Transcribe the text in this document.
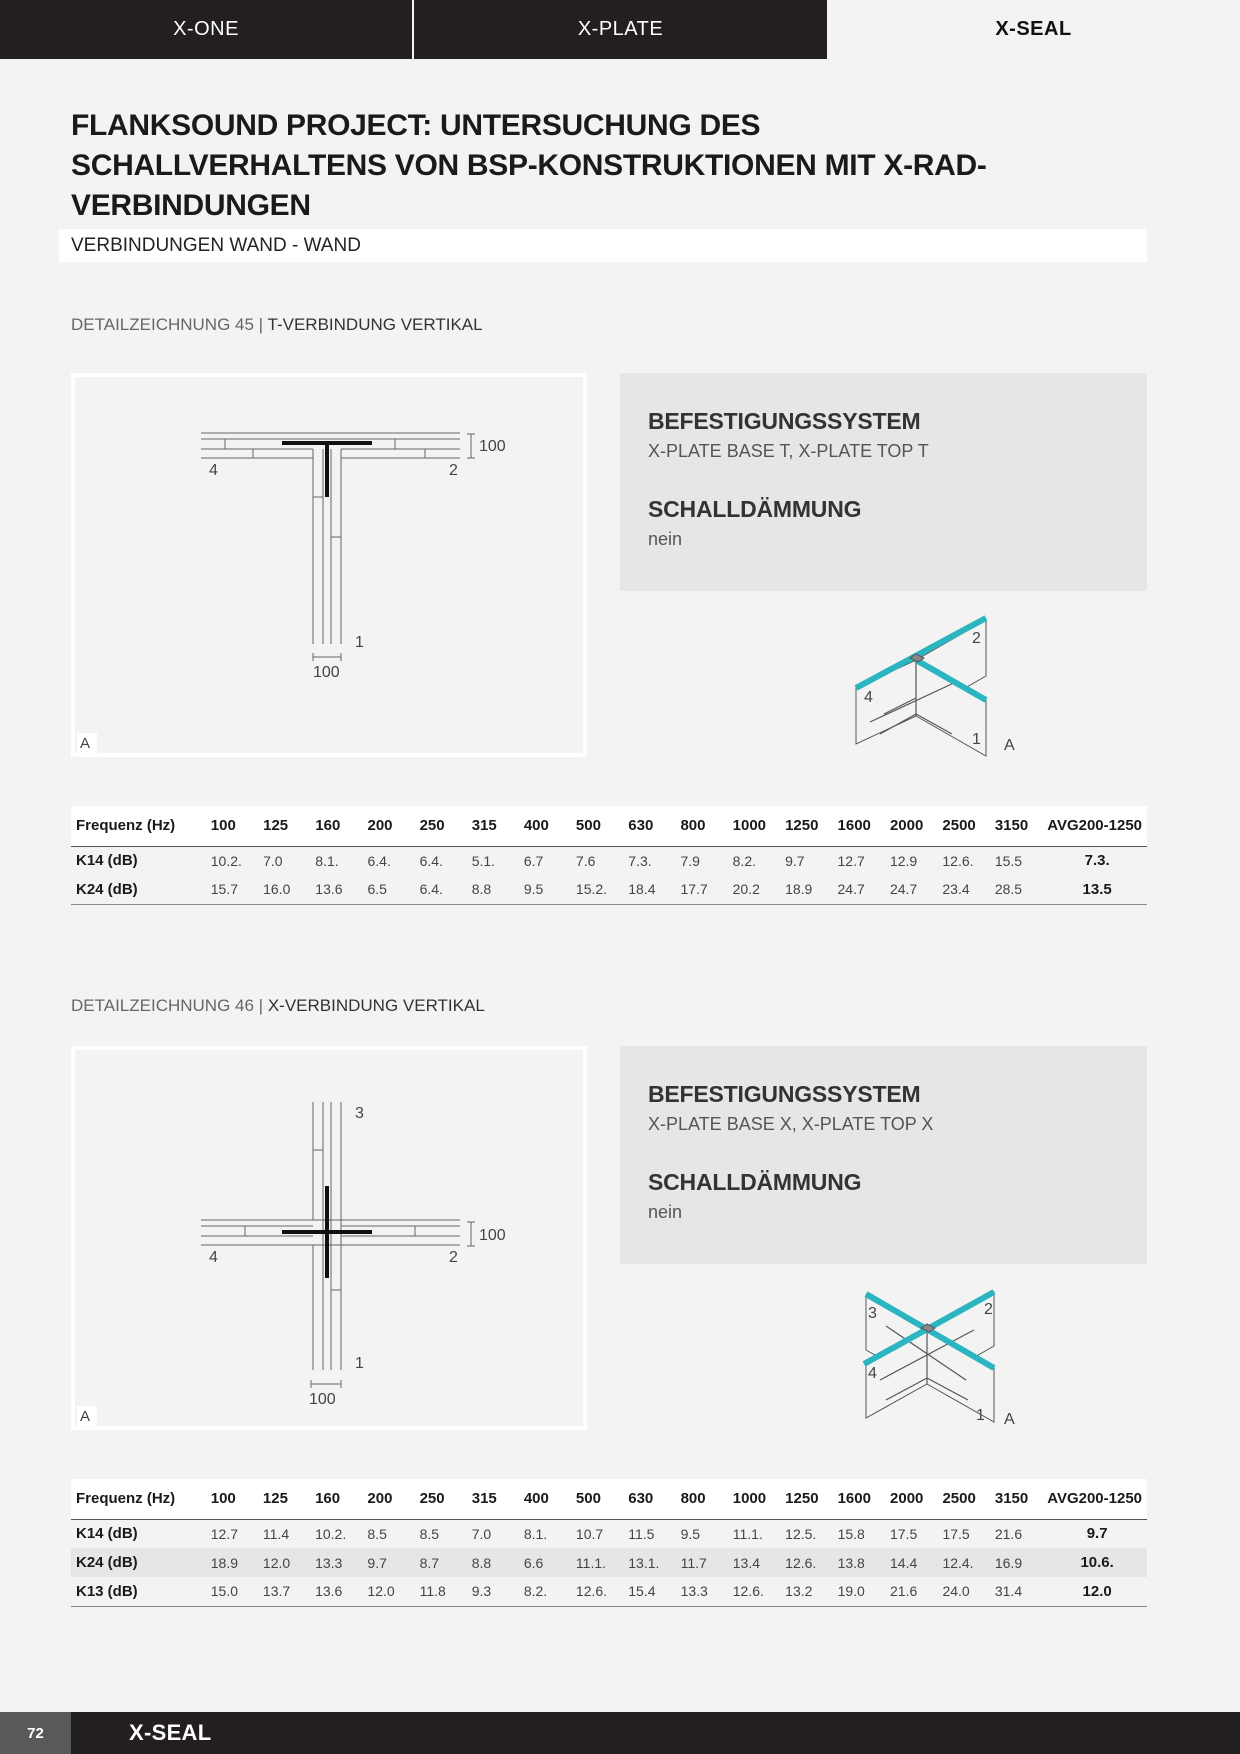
X-ONE	X-PLATE	X-SEAL
FLANKSOUND PROJECT: UNTERSUCHUNG DES SCHALLVERHALTENS VON BSP-KONSTRUKTIONEN MIT X-RAD-VERBINDUNGEN
VERBINDUNGEN WAND - WAND
DETAILZEICHNUNG 45 | T-VERBINDUNG VERTIKAL
100
4	2
1
100
A
BEFESTIGUNGSSYSTEM

X-PLATE BASE T, X-PLATE TOP T

SCHALLDÄMMUNG

nein

2
4
1 A
Frequenz (Hz)	100	125	160	200	250	315	400	500	630	800	1000	1250	1600	2000	2500	3150	AVG200-1250
K14 (dB)	10.2.	7.0	8.1.	6.4.	6.4.	5.1.	6.7	7.6	7.3.	7.9	8.2.	9.7	12.7	12.9	12.6.	15.5	7.3.
K24 (dB)	15.7	16.0	13.6	6.5	6.4.	8.8	9.5	15.2.	18.4	17.7	20.2	18.9	24.7	24.7	23.4	28.5	13.5
DETAILZEICHNUNG 46 | X-VERBINDUNG VERTIKAL
3
100
4	2
1
100
A
BEFESTIGUNGSSYSTEM

X-PLATE BASE X, X-PLATE TOP X

SCHALLDÄMMUNG

nein

3	2
4
1 A
Frequenz (Hz)	100	125	160	200	250	315	400	500	630	800	1000	1250	1600	2000	2500	3150	AVG200-1250
K14 (dB)	12.7	11.4	10.2.	8.5	8.5	7.0	8.1.	10.7	11.5	9.5	11.1.	12.5.	15.8	17.5	17.5	21.6	9.7
K24 (dB)	18.9	12.0	13.3	9.7	8.7	8.8	6.6	11.1.	13.1.	11.7	13.4	12.6.	13.8	14.4	12.4.	16.9	10.6.
K13 (dB)	15.0	13.7	13.6	12.0	11.8	9.3	8.2.	12.6.	15.4	13.3	12.6.	13.2	19.0	21.6	24.0	31.4	12.0
72	X-SEAL
